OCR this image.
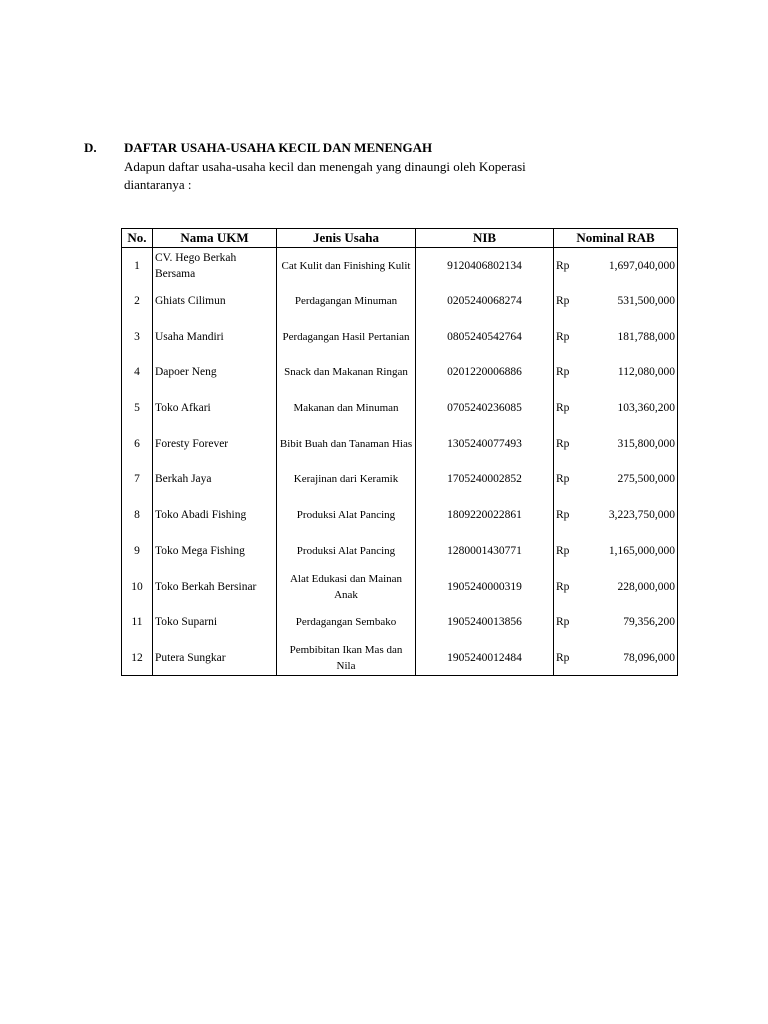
D. DAFTAR USAHA-USAHA KECIL DAN MENENGAH
Adapun daftar usaha-usaha kecil dan menengah yang dinaungi oleh Koperasi diantaranya :
No.	Nama UKM	Jenis Usaha	NIB	Nominal RAB
1	CV. Hego Berkah Bersama	Cat Kulit dan Finishing Kulit	9120406802134	Rp 1,697,040,000

2	Ghiats Cilimun	Perdagangan Minuman	0205240068274	Rp 531,500,000

3	Usaha Mandiri	Perdagangan Hasil Pertanian	0805240542764	Rp 181,788,000

4	Dapoer Neng	Snack dan Makanan Ringan	0201220006886	Rp 112,080,000

5	Toko Afkari	Makanan dan Minuman	0705240236085	Rp 103,360,200

6	Foresty Forever	Bibit Buah dan Tanaman Hias	1305240077493	Rp 315,800,000

7	Berkah Jaya	Kerajinan dari Keramik	1705240002852	Rp 275,500,000

8	Toko Abadi Fishing	Produksi Alat Pancing	1809220022861	Rp 3,223,750,000

9	Toko Mega Fishing	Produksi Alat Pancing	1280001430771	Rp 1,165,000,000

10	Toko Berkah Bersinar	Alat Edukasi dan Mainan Anak	1905240000319	Rp 228,000,000

11	Toko Suparni	Perdagangan Sembako	1905240013856	Rp 79,356,200

12	Putera Sungkar	Pembibitan Ikan Mas dan Nila	1905240012484	Rp 78,096,000
